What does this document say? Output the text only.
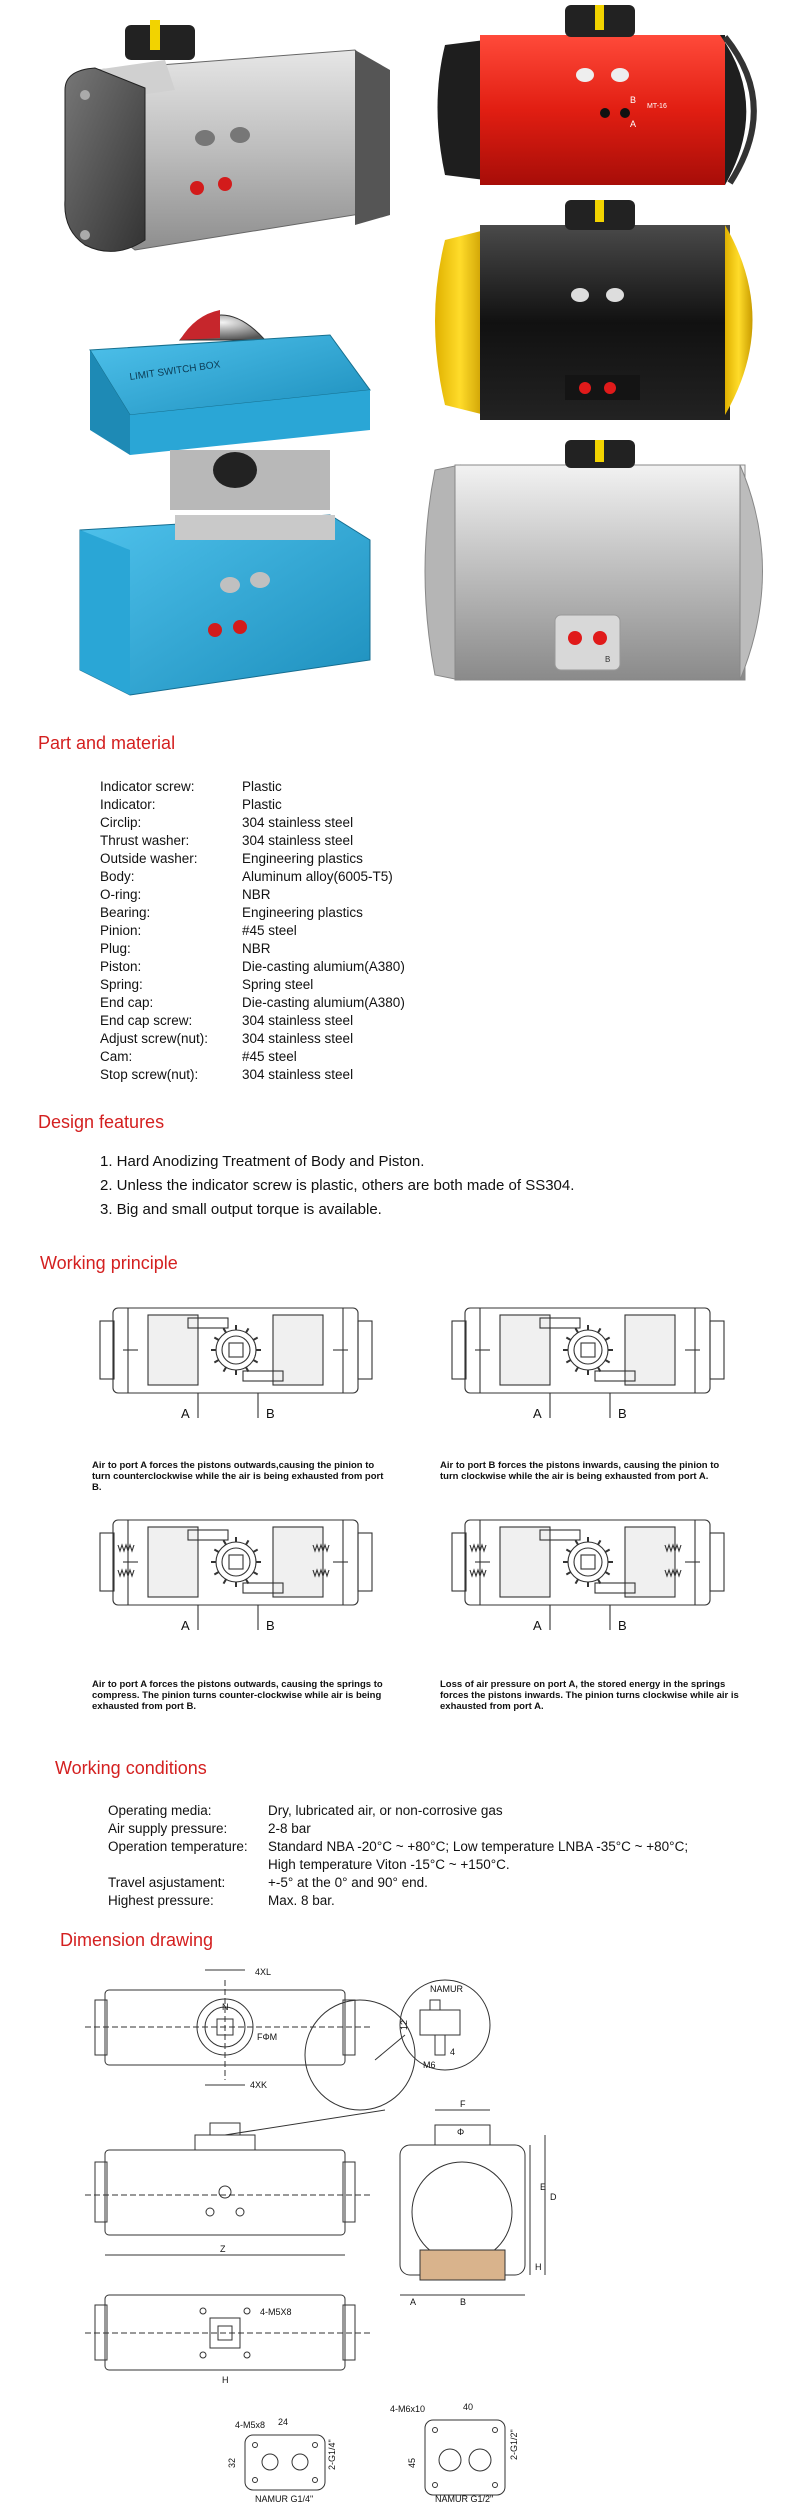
B
MT-16
A
LIMIT SWITCH BOX
B
Part and material
Indicator screw:	Plastic
Indicator:	Plastic
Circlip:	304 stainless steel
Thrust washer:	304 stainless steel
Outside washer:	Engineering plastics
Body:	Aluminum alloy(6005-T5)
O-ring:	NBR
Bearing:	Engineering plastics
Pinion:	#45 steel
Plug:	NBR
Piston:	Die-casting alumium(A380)
Spring:	Spring steel
End cap:	Die-casting alumium(A380)
End cap screw:	304 stainless steel
Adjust screw(nut):	304 stainless steel
Cam:	#45 steel
Stop screw(nut):	304 stainless steel
Design features
1. Hard Anodizing Treatment of Body and Piston.
2. Unless the indicator screw is plastic, others are both made of SS304.
3. Big and small output torque is available.
Working principle
A	B	A	B
A	B	A	B
Air to port A forces the pistons outwards,causing the pinion to turn counterclockwise while the air is being exhausted from port B.
Air to port B forces the pistons inwards, causing the pinion to turn clockwise while the air is being exhausted from port A.
Air to port A forces the pistons outwards, causing the springs to compress. The pinion turns counter-clockwise while air is being exhausted from port B.
Loss of air pressure on port A, the stored energy in the springs forces the pistons inwards. The pinion turns clockwise while air is exhausted from port A.
Working conditions
Operating media:	Dry, lubricated air, or non-corrosive gas
Air supply pressure:	2-8 bar
Operation temperature: Standard NBA -20°C ~ +80°C; Low temperature LNBA -35°C ~ +80°C;
High temperature Viton -15°C ~ +150°C.
Travel asjustament:	+-5° at the 0° and 90° end.
Highest pressure:	Max. 8 bar.
Dimension drawing
4XL
4XK
N
FΦM
Z
4-M5X8
H
NAMUR
12
4
M6
F
B
A
E
D
H
Φ
4-M5x8 24
32	2-G1/4"
NAMUR G1/4"
4-M6x10	40
45
2-G1/2"
NAMUR G1/2"
